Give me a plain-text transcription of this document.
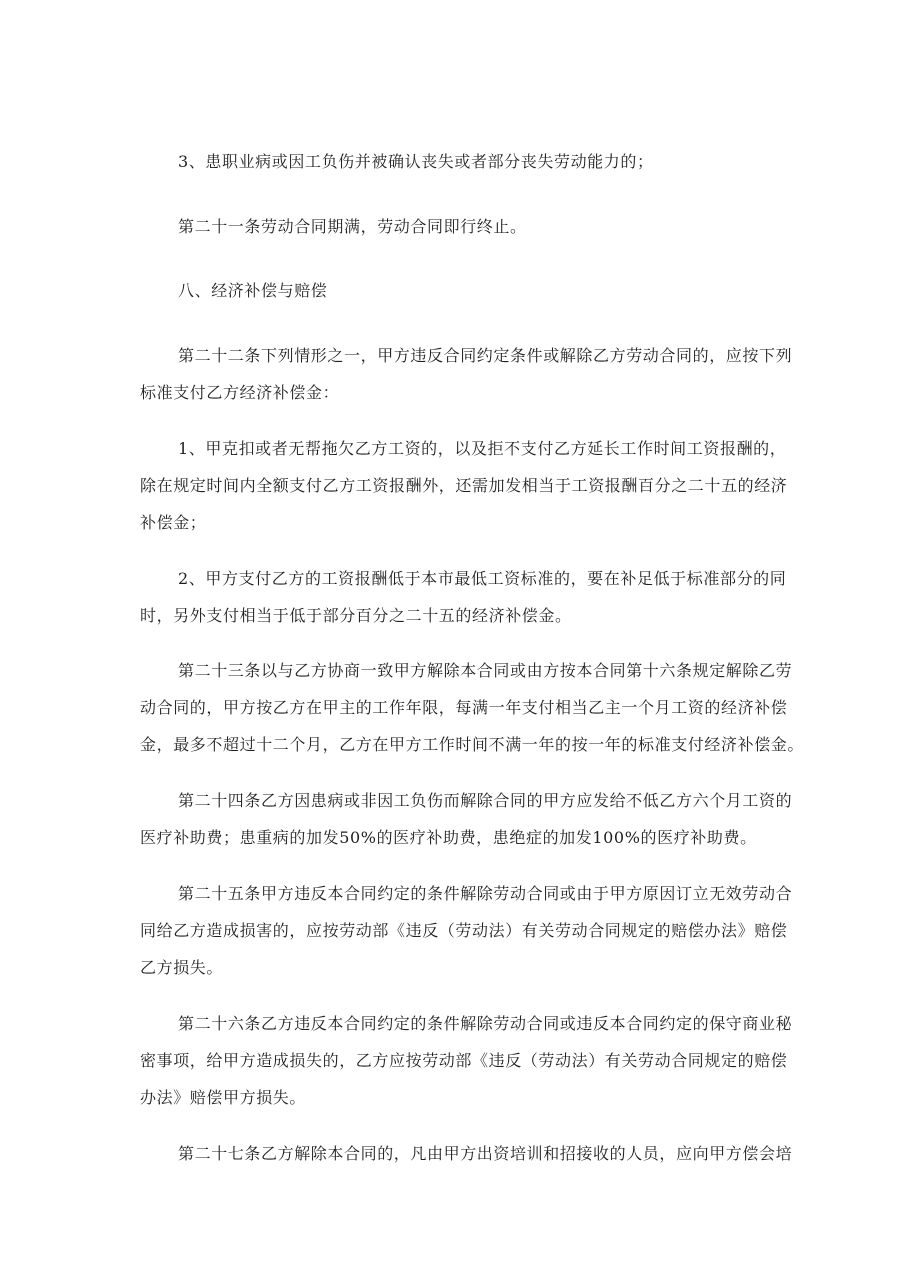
3、患职业病或因工负伤并被确认丧失或者部分丧失劳动能力的；

第二十一条劳动合同期满，劳动合同即行终止。

八、经济补偿与赔偿

第二十二条下列情形之一，甲方违反合同约定条件或解除乙方劳动合同的，应按下列
标准支付乙方经济补偿金：

1、甲克扣或者无帮拖欠乙方工资的，以及拒不支付乙方延长工作时间工资报酬的，
除在规定时间内全额支付乙方工资报酬外，还需加发相当于工资报酬百分之二十五的经济
补偿金；

2、甲方支付乙方的工资报酬低于本市最低工资标准的，要在补足低于标准部分的同
时，另外支付相当于低于部分百分之二十五的经济补偿金。

第二十三条以与乙方协商一致甲方解除本合同或由方按本合同第十六条规定解除乙劳
动合同的，甲方按乙方在甲主的工作年限，每满一年支付相当乙主一个月工资的经济补偿
金，最多不超过十二个月，乙方在甲方工作时间不满一年的按一年的标准支付经济补偿金。

第二十四条乙方因患病或非因工负伤而解除合同的甲方应发给不低乙方六个月工资的
医疗补助费；患重病的加发50%的医疗补助费，患绝症的加发100%的医疗补助费。

第二十五条甲方违反本合同约定的条件解除劳动合同或由于甲方原因订立无效劳动合
同给乙方造成损害的，应按劳动部《违反（劳动法）有关劳动合同规定的赔偿办法》赔偿
乙方损失。

第二十六条乙方违反本合同约定的条件解除劳动合同或违反本合同约定的保守商业秘
密事项，给甲方造成损失的，乙方应按劳动部《违反（劳动法）有关劳动合同规定的赔偿
办法》赔偿甲方损失。

第二十七条乙方解除本合同的，凡由甲方出资培训和招接收的人员，应向甲方偿会培
